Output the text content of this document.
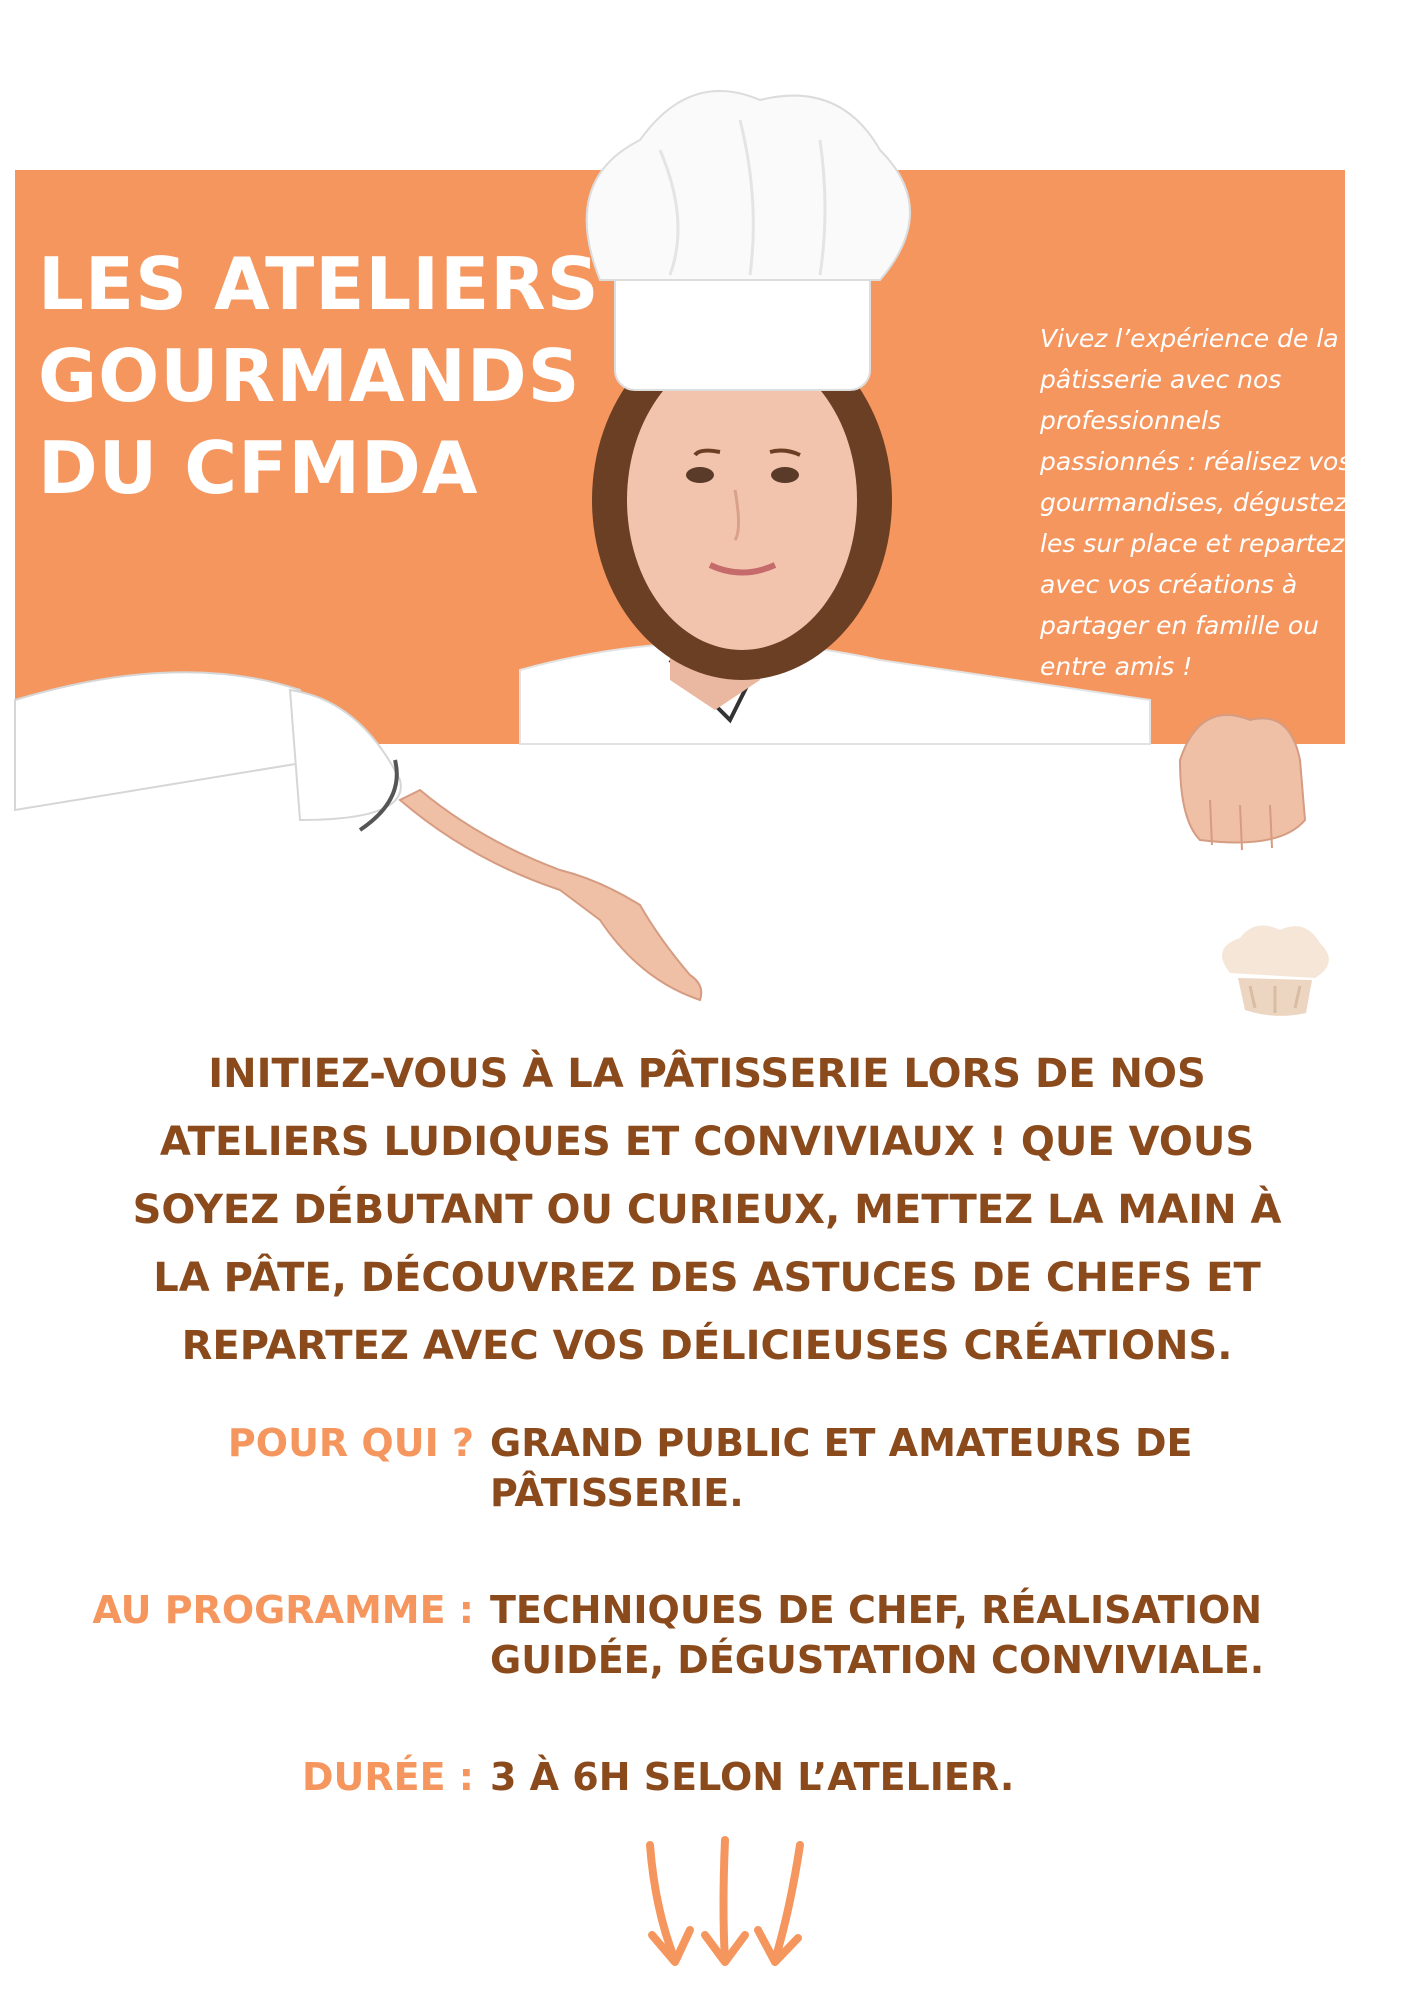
LES ATELIERS
GOURMANDS
DU CFMDA

Vivez l’expérience de la
pâtisserie avec nos
professionnels
passionnés : réalisez vos
gourmandises, dégustez-
les sur place et repartez
avec vos créations à
partager en famille ou
entre amis !

INITIEZ-VOUS À LA PÂTISSERIE LORS DE NOS
ATELIERS LUDIQUES ET CONVIVIAUX ! QUE VOUS
SOYEZ DÉBUTANT OU CURIEUX, METTEZ LA MAIN À
LA PÂTE, DÉCOUVREZ DES ASTUCES DE CHEFS ET
REPARTEZ AVEC VOS DÉLICIEUSES CRÉATIONS.

POUR QUI ? GRAND PUBLIC ET AMATEURS DE
PÂTISSERIE.
AU PROGRAMME : TECHNIQUES DE CHEF, RÉALISATION
GUIDÉE, DÉGUSTATION CONVIVIALE.
DURÉE : 3 À 6H SELON L’ATELIER.
